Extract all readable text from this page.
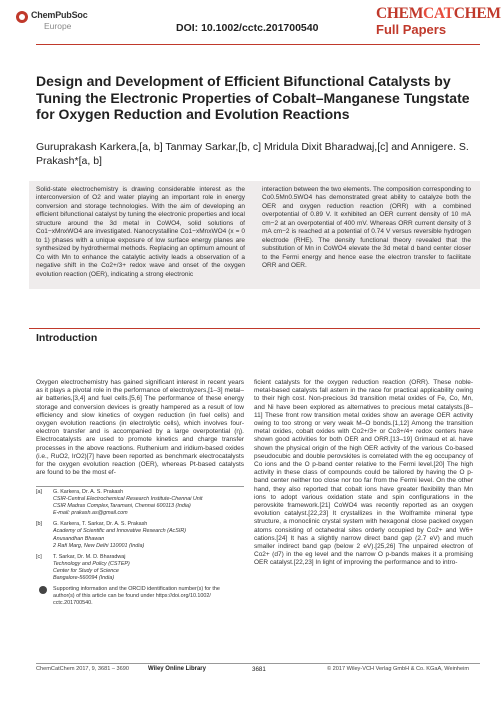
ChemPubSoc
Europe	DOI: 10.1002/cctc.201700540
CHEMCATCHEM
Full Papers
Design and Development of Efficient Bifunctional Catalysts by Tuning the Electronic Properties of Cobalt–Manganese Tungstate for Oxygen Reduction and Evolution Reactions
Guruprakash Karkera,[a, b] Tanmay Sarkar,[b, c] Mridula Dixit Bharadwaj,[c] and Annigere. S. Prakash*[a, b]

Solid-state electrochemistry is drawing considerable interest as the interconversion of O2 and water playing an important role in energy conversion and storage technologies. With the aim of developing an efficient bifunctional catalyst by tuning the electronic properties and local structure around the 3d metal in CoWO4, solid solutions of Co1−xMnxWO4 are investigated. Nanocrystalline Co1−xMnxWO4 (x = 0 to 1) phases with a unique exposure of low surface energy planes are synthesized by hydrothermal methods. Replacing an optimum amount of Co with Mn to enhance the catalytic activity leads a observation of a negative shift in the Co2+/3+ redox wave and onset of the oxygen evolution reaction (OER), indicating a strong electronic

interaction between the two elements. The composition corresponding to Co0.5Mn0.5WO4 has demonstrated great ability to catalyze both the OER and oxygen reduction reaction (ORR) with a combined overpotential of 0.89 V. It exhibited an OER current density of 10 mA cm−2 at an overpotential of 400 mV. Whereas ORR current density of 3 mA cm−2 is reached at a potential of 0.74 V versus reversible hydrogen electrode (RHE). The density functional theory revealed that the substitution of Mn in CoWO4 elevate the 3d metal d band center closer to the Fermi energy and hence ease the electron transfer to facilitate ORR and OER.

Introduction

Oxygen electrochemistry has gained significant interest in recent years as it plays a pivotal role in the performance of electrolyzers,[1–3] metal–air batteries,[3,4] and fuel cells.[5,6] The performance of these energy storage and conversion devices is greatly hampered as a result of low efficiency and slow kinetics of oxygen reduction (in fuel cells) and oxygen evolution reactions (in electrolytic cells), which involves four-electron transfer and is accompanied by a large overpotential (η). Electrocatalysts are used to promote kinetics and charge transfer processes in the above reactions. Ruthenium and iridium-based oxides (i.e., RuO2, IrO2)[7] have been reported as benchmark electrocatalysts for the oxygen evolution reaction (OER), whereas Pt-based catalysts are found to be the most ef-

ficient catalysts for the oxygen reduction reaction (ORR). These noble-metal-based catalysts fall astern in the race for practical applicability owing to their high cost. Non-precious 3d transition metal oxides of Fe, Co, Mn, and Ni have been explored as alternatives to precious metal catalysts.[8–11] These front row transition metal oxides show an average OER activity owing to too strong or very weak M–O bonds.[1,12] Among the transition metal oxides, cobalt oxides with Co2+/3+ or Co3+/4+ redox centers have shown good activities for both OER and ORR.[13–19] Grimaud et al. have shown the physical origin of the high OER activity of the various Co-based pseudocubic and double perovskites is correlated with the eg occupancy of Co ions and the O p-band center relative to the Fermi level.[20] The high activity in these class of compounds could be tailored by having the O p-band center neither too close nor too far from the Fermi level. On the other hand, they also reported that cobalt ions have greater flexibility than Mn ions to adopt various oxidation state and spin configurations in the perovskite framework.[21] CoWO4 was recently reported as an oxygen evolution catalyst.[22,23] It crystallizes in the Wolframite mineral type structure, a monoclinic crystal system with hexagonal close packed oxygen atoms consisting of octahedral sites orderly occupied by Co2+ and W6+ cations.[24] It has a slightly narrow direct band gap (2.7 eV) and much smaller indirect band gap (below 2 eV).[25,26] The unpaired electron of Co2+ (d7) in the eg level and the narrow O p-bands makes it a promising OER catalyst.[22,23] In light of improving the performance and to intro-

[a] G. Karkera, Dr. A. S. Prakash
CSIR-Central Electrochemical Research Institute-Chennai Unit
CSIR Madras Complex,Taramani, Chennai 600113 (India)
E-mail: prakash.as@gmail.com
[b] G. Karkera, T. Sarkar, Dr. A. S. Prakash
Academy of Scientific and Innovative Research (AcSIR)
Anusandhan Bhawan
2 Rafi Marg, New Delhi 110001 (India)
[c] T. Sarkar, Dr. M. D. Bharadwaj
Technology and Policy (CSTEP)
Center for Study of Science
Bangalore-560094 (India)
Supporting information and the ORCID identification number(s) for the
author(s) of this article can be found under https://doi.org/10.1002/
cctc.201700540.
ChemCatChem 2017, 9, 3681 – 3690	Wiley Online Library	3681	© 2017 Wiley-VCH Verlag GmbH & Co. KGaA, Weinheim
